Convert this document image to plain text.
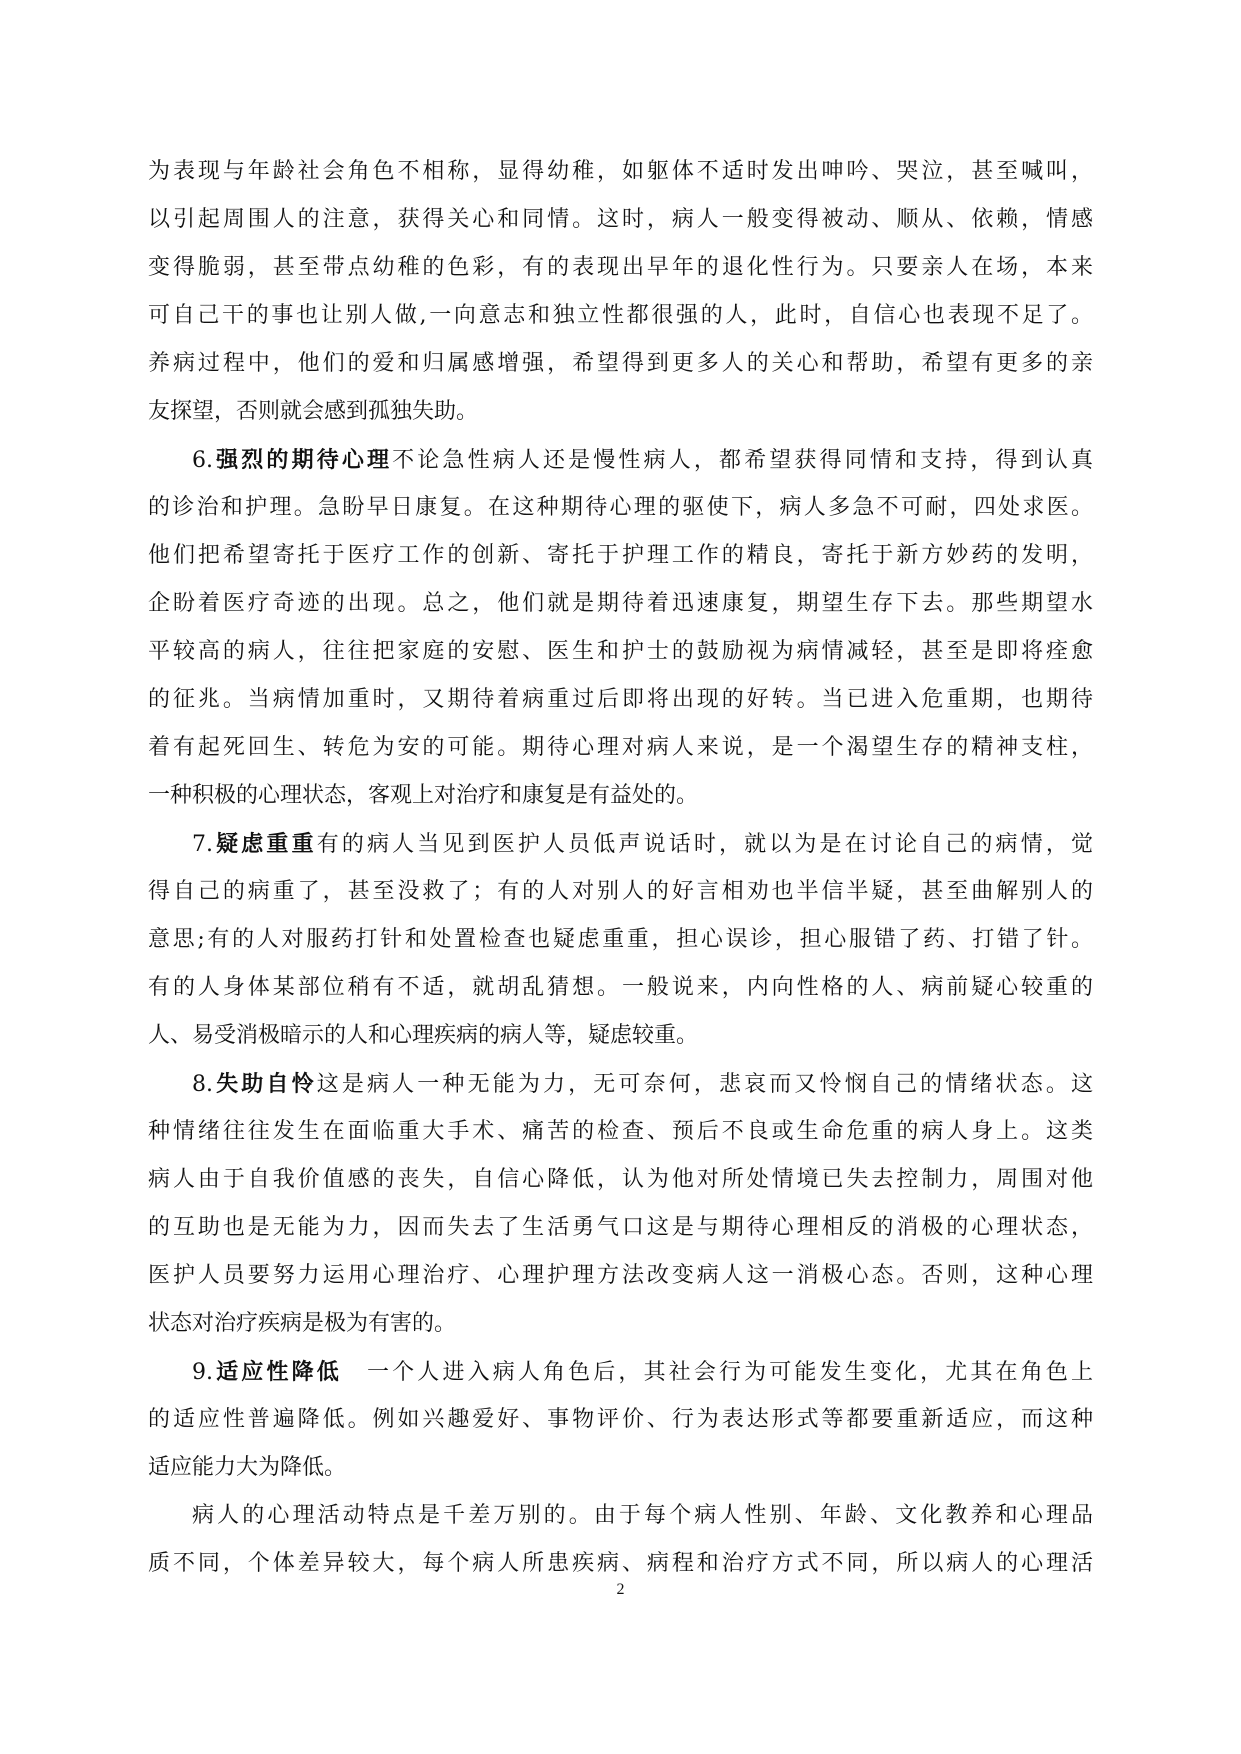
为表现与年龄社会角色不相称，显得幼稚，如躯体不适时发出呻吟、哭泣，甚至喊叫，
以引起周围人的注意，获得关心和同情。这时，病人一般变得被动、顺从、依赖，情感
变得脆弱，甚至带点幼稚的色彩，有的表现出早年的退化性行为。只要亲人在场，本来
可自己干的事也让别人做,一向意志和独立性都很强的人，此时，自信心也表现不足了。
养病过程中，他们的爱和归属感增强，希望得到更多人的关心和帮助，希望有更多的亲
友探望，否则就会感到孤独失助。
6.强烈的期待心理不论急性病人还是慢性病人，都希望获得同情和支持，得到认真
的诊治和护理。急盼早日康复。在这种期待心理的驱使下，病人多急不可耐，四处求医。
他们把希望寄托于医疗工作的创新、寄托于护理工作的精良，寄托于新方妙药的发明，
企盼着医疗奇迹的出现。总之，他们就是期待着迅速康复，期望生存下去。那些期望水
平较高的病人，往往把家庭的安慰、医生和护士的鼓励视为病情减轻，甚至是即将痊愈
的征兆。当病情加重时，又期待着病重过后即将出现的好转。当已进入危重期，也期待
着有起死回生、转危为安的可能。期待心理对病人来说，是一个渴望生存的精神支柱，
一种积极的心理状态，客观上对治疗和康复是有益处的。
7.疑虑重重有的病人当见到医护人员低声说话时，就以为是在讨论自己的病情，觉
得自己的病重了，甚至没救了；有的人对别人的好言相劝也半信半疑，甚至曲解别人的
意思;有的人对服药打针和处置检查也疑虑重重，担心误诊，担心服错了药、打错了针。
有的人身体某部位稍有不适，就胡乱猜想。一般说来，内向性格的人、病前疑心较重的
人、易受消极暗示的人和心理疾病的病人等，疑虑较重。
8.失助自怜这是病人一种无能为力，无可奈何，悲哀而又怜悯自己的情绪状态。这
种情绪往往发生在面临重大手术、痛苦的检查、预后不良或生命危重的病人身上。这类
病人由于自我价值感的丧失，自信心降低，认为他对所处情境已失去控制力，周围对他
的互助也是无能为力，因而失去了生活勇气口这是与期待心理相反的消极的心理状态，
医护人员要努力运用心理治疗、心理护理方法改变病人这一消极心态。否则，这种心理
状态对治疗疾病是极为有害的。
9.适应性降低　 一个人进入病人角色后，其社会行为可能发生变化，尤其在角色上
的适应性普遍降低。例如兴趣爱好、事物评价、行为表达形式等都要重新适应，而这种
适应能力大为降低。
病人的心理活动特点是千差万别的。由于每个病人性别、年龄、文化教养和心理品
质不同，个体差异较大，每个病人所患疾病、病程和治疗方式不同，所以病人的心理活
2
